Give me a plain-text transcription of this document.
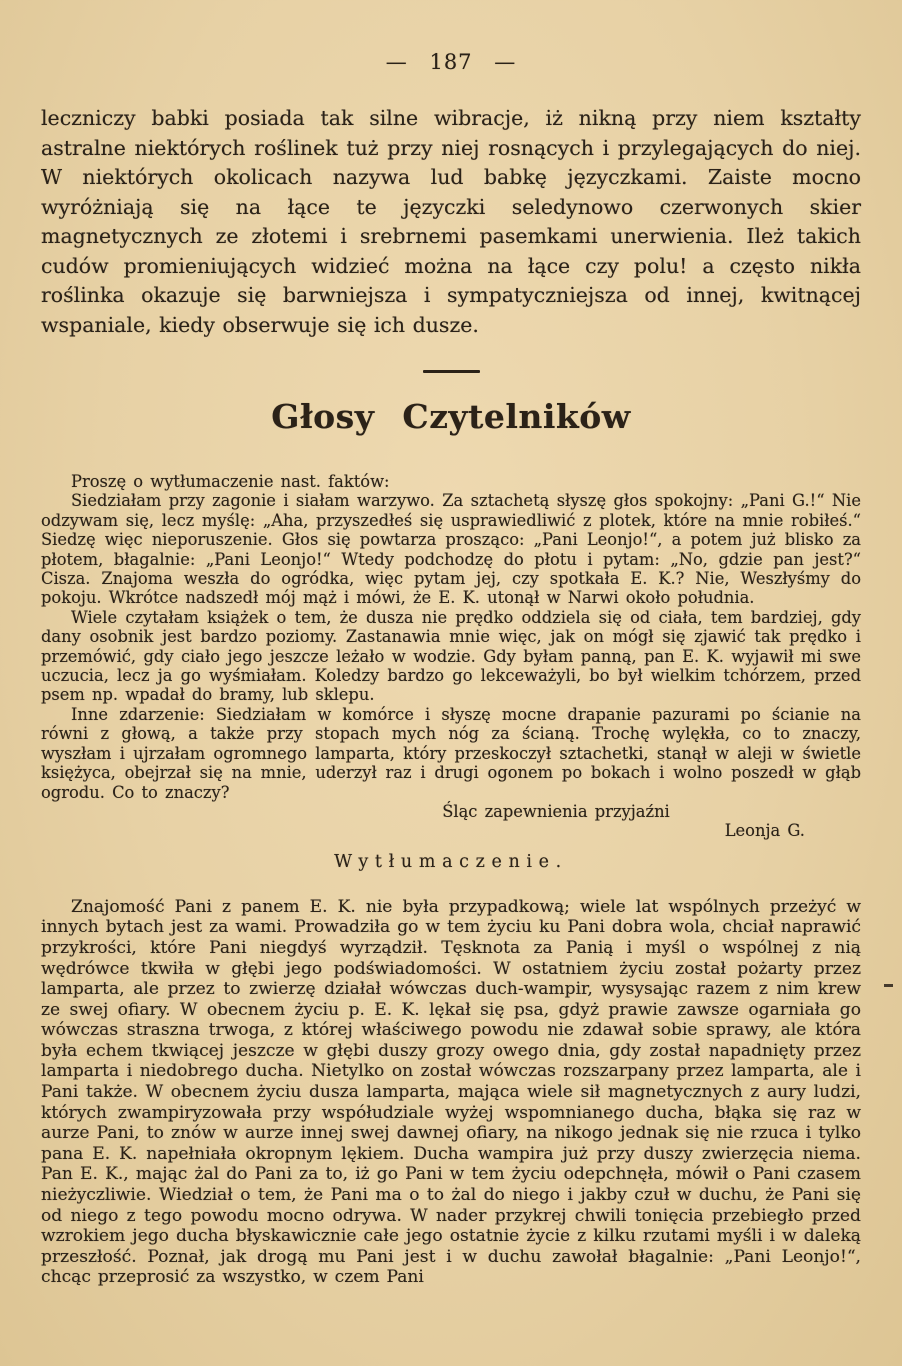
— 187 —

leczniczy babki posiada tak silne wibracje, iż nikną przy niem kształty astralne niektórych roślinek tuż przy niej rosnących i przylegających do niej. W niektórych okolicach nazywa lud babkę języczkami. Zaiste mocno wyróżniają się na łące te języczki seledynowo czerwonych skier magnetycznych ze złotemi i srebrnemi pasemkami unerwienia. Ileż takich cudów promieniujących widzieć można na łące czy polu! a często nikła roślinka okazuje się barwniejsza i sympatyczniejsza od innej, kwitnącej wspaniale, kiedy obserwuje się ich dusze.

Głosy Czytelników

Proszę o wytłumaczenie nast. faktów:

Siedziałam przy zagonie i siałam warzywo. Za sztachetą słyszę głos spokojny: „Pani G.!“ Nie odzywam się, lecz myślę: „Aha, przyszedłeś się usprawiedliwić z plotek, które na mnie robiłeś.“ Siedzę więc nieporuszenie. Głos się powtarza prosząco: „Pani Leonjo!“, a potem już blisko za płotem, błagalnie: „Pani Leonjo!“ Wtedy podchodzę do płotu i pytam: „No, gdzie pan jest?“ Cisza. Znajoma weszła do ogródka, więc pytam jej, czy spotkała E. K.? Nie, Weszłyśmy do pokoju. Wkrótce nadszedł mój mąż i mówi, że E. K. utonął w Narwi około południa.

Wiele czytałam książek o tem, że dusza nie prędko oddziela się od ciała, tem bardziej, gdy dany osobnik jest bardzo poziomy. Zastanawia mnie więc, jak on mógł się zjawić tak prędko i przemówić, gdy ciało jego jeszcze leżało w wodzie. Gdy byłam panną, pan E. K. wyjawił mi swe uczucia, lecz ja go wyśmiałam. Koledzy bardzo go lekceważyli, bo był wielkim tchórzem, przed psem np. wpadał do bramy, lub sklepu.

Inne zdarzenie: Siedziałam w komórce i słyszę mocne drapanie pazurami po ścianie na równi z głową, a także przy stopach mych nóg za ścianą. Trochę wylękła, co to znaczy, wyszłam i ujrzałam ogromnego lamparta, który przeskoczył sztachetki, stanął w aleji w świetle księżyca, obejrzał się na mnie, uderzył raz i drugi ogonem po bokach i wolno poszedł w głąb ogrodu. Co to znaczy?

Śląc zapewnienia przyjaźni

Leonja G.

Wytłumaczenie.

Znajomość Pani z panem E. K. nie była przypadkową; wiele lat wspólnych przeżyć w innych bytach jest za wami. Prowadziła go w tem życiu ku Pani dobra wola, chciał naprawić przykrości, które Pani niegdyś wyrządził. Tęsknota za Panią i myśl o wspólnej z nią wędrówce tkwiła w głębi jego podświadomości. W ostatniem życiu został pożarty przez lamparta, ale przez to zwierzę działał wówczas duch-wampir, wysysając razem z nim krew ze swej ofiary. W obecnem życiu p. E. K. lękał się psa, gdyż prawie zawsze ogarniała go wówczas straszna trwoga, z której właściwego powodu nie zdawał sobie sprawy, ale która była echem tkwiącej jeszcze w głębi duszy grozy owego dnia, gdy został napadnięty przez lamparta i niedobrego ducha. Nietylko on został wówczas rozszarpany przez lamparta, ale i Pani także. W obecnem życiu dusza lamparta, mająca wiele sił magnetycznych z aury ludzi, których zwampiryzowała przy współudziale wyżej wspomnianego ducha, błąka się raz w aurze Pani, to znów w aurze innej swej dawnej ofiary, na nikogo jednak się nie rzuca i tylko pana E. K. napełniała okropnym lękiem. Ducha wampira już przy duszy zwierzęcia niema. Pan E. K., mając żal do Pani za to, iż go Pani w tem życiu odepchnęła, mówił o Pani czasem nieżyczliwie. Wiedział o tem, że Pani ma o to żal do niego i jakby czuł w duchu, że Pani się od niego z tego powodu mocno odrywa. W nader przykrej chwili tonięcia przebiegło przed wzrokiem jego ducha błyskawicznie całe jego ostatnie życie z kilku rzutami myśli i w daleką przeszłość. Poznał, jak drogą mu Pani jest i w duchu zawołał błagalnie: „Pani Leonjo!“, chcąc przeprosić za wszystko, w czem Pani
